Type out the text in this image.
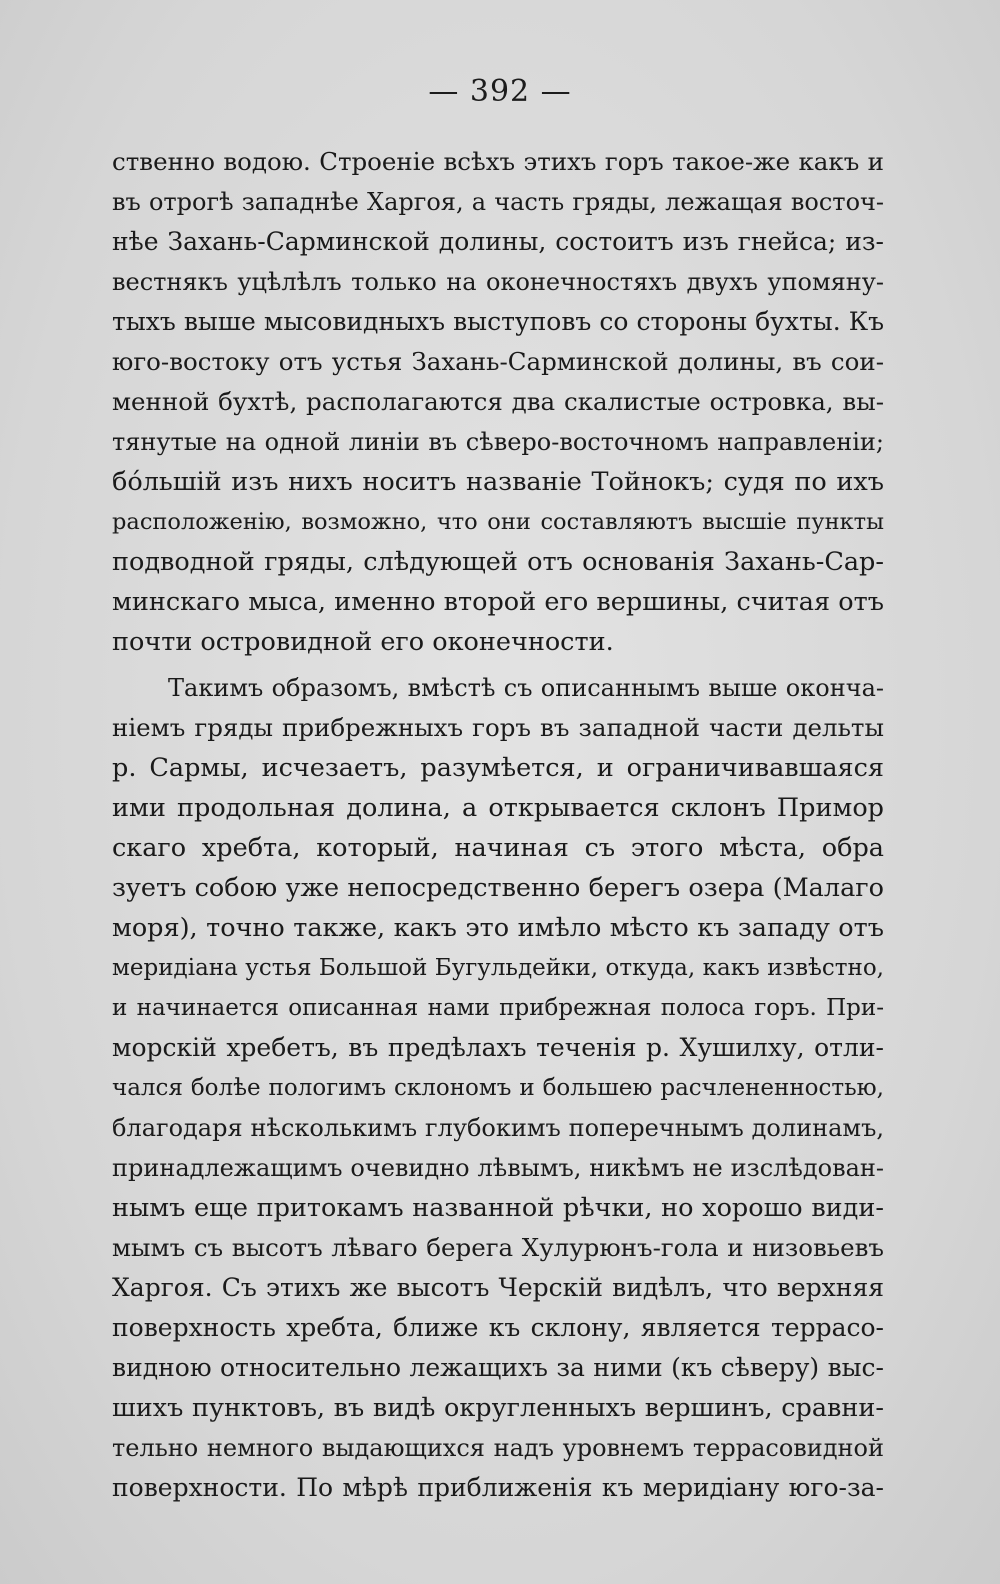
— 392 —
ственно водою. Строеніе всѣхъ этихъ горъ такое-же какъ и
въ отрогѣ западнѣе Харгоя, а часть гряды, лежащая восточ-
нѣе Захань-Сарминской долины, состоитъ изъ гнейса; из-
вестнякъ уцѣлѣлъ только на оконечностяхъ двухъ упомяну-
тыхъ выше мысовидныхъ выступовъ со стороны бухты. Къ
юго-востоку отъ устья Захань-Сарминской долины, въ сои-
менной бухтѣ, располагаются два скалистые островка, вы-
тянутые на одной линіи въ сѣверо-восточномъ направленіи;
бо́льшій изъ нихъ носитъ названіе Тойнокъ; судя по ихъ
расположенію, возможно, что они составляютъ высшіе пункты
подводной гряды, слѣдующей отъ основанія Захань-Сар-
минскаго мыса, именно второй его вершины, считая отъ
почти островидной его оконечности.
Такимъ образомъ, вмѣстѣ съ описаннымъ выше оконча-
ніемъ гряды прибрежныхъ горъ въ западной части дельты
р. Сармы, исчезаетъ, разумѣется, и ограничивавшаяся
ими продольная долина, а открывается склонъ Примор
скаго хребта, который, начиная съ этого мѣста, обра
зуетъ собою уже непосредственно берегъ озера (Малаго
моря), точно также, какъ это имѣло мѣсто къ западу отъ
меридіана устья Большой Бугульдейки, откуда, какъ извѣстно,
и начинается описанная нами прибрежная полоса горъ. При-
морскій хребетъ, въ предѣлахъ теченія р. Хушилху, отли-
чался болѣе пологимъ склономъ и большею расчлененностью,
благодаря нѣсколькимъ глубокимъ поперечнымъ долинамъ,
принадлежащимъ очевидно лѣвымъ, никѣмъ не изслѣдован-
нымъ еще притокамъ названной рѣчки, но хорошо види-
мымъ съ высотъ лѣваго берега Хулурюнъ-гола и низовьевъ
Харгоя. Съ этихъ же высотъ Черскій видѣлъ, что верхняя
поверхность хребта, ближе къ склону, является террасо-
видною относительно лежащихъ за ними (къ сѣверу) выс-
шихъ пунктовъ, въ видѣ округленныхъ вершинъ, сравни-
тельно немного выдающихся надъ уровнемъ террасовидной
поверхности. По мѣрѣ приближенія къ меридіану юго-за-
